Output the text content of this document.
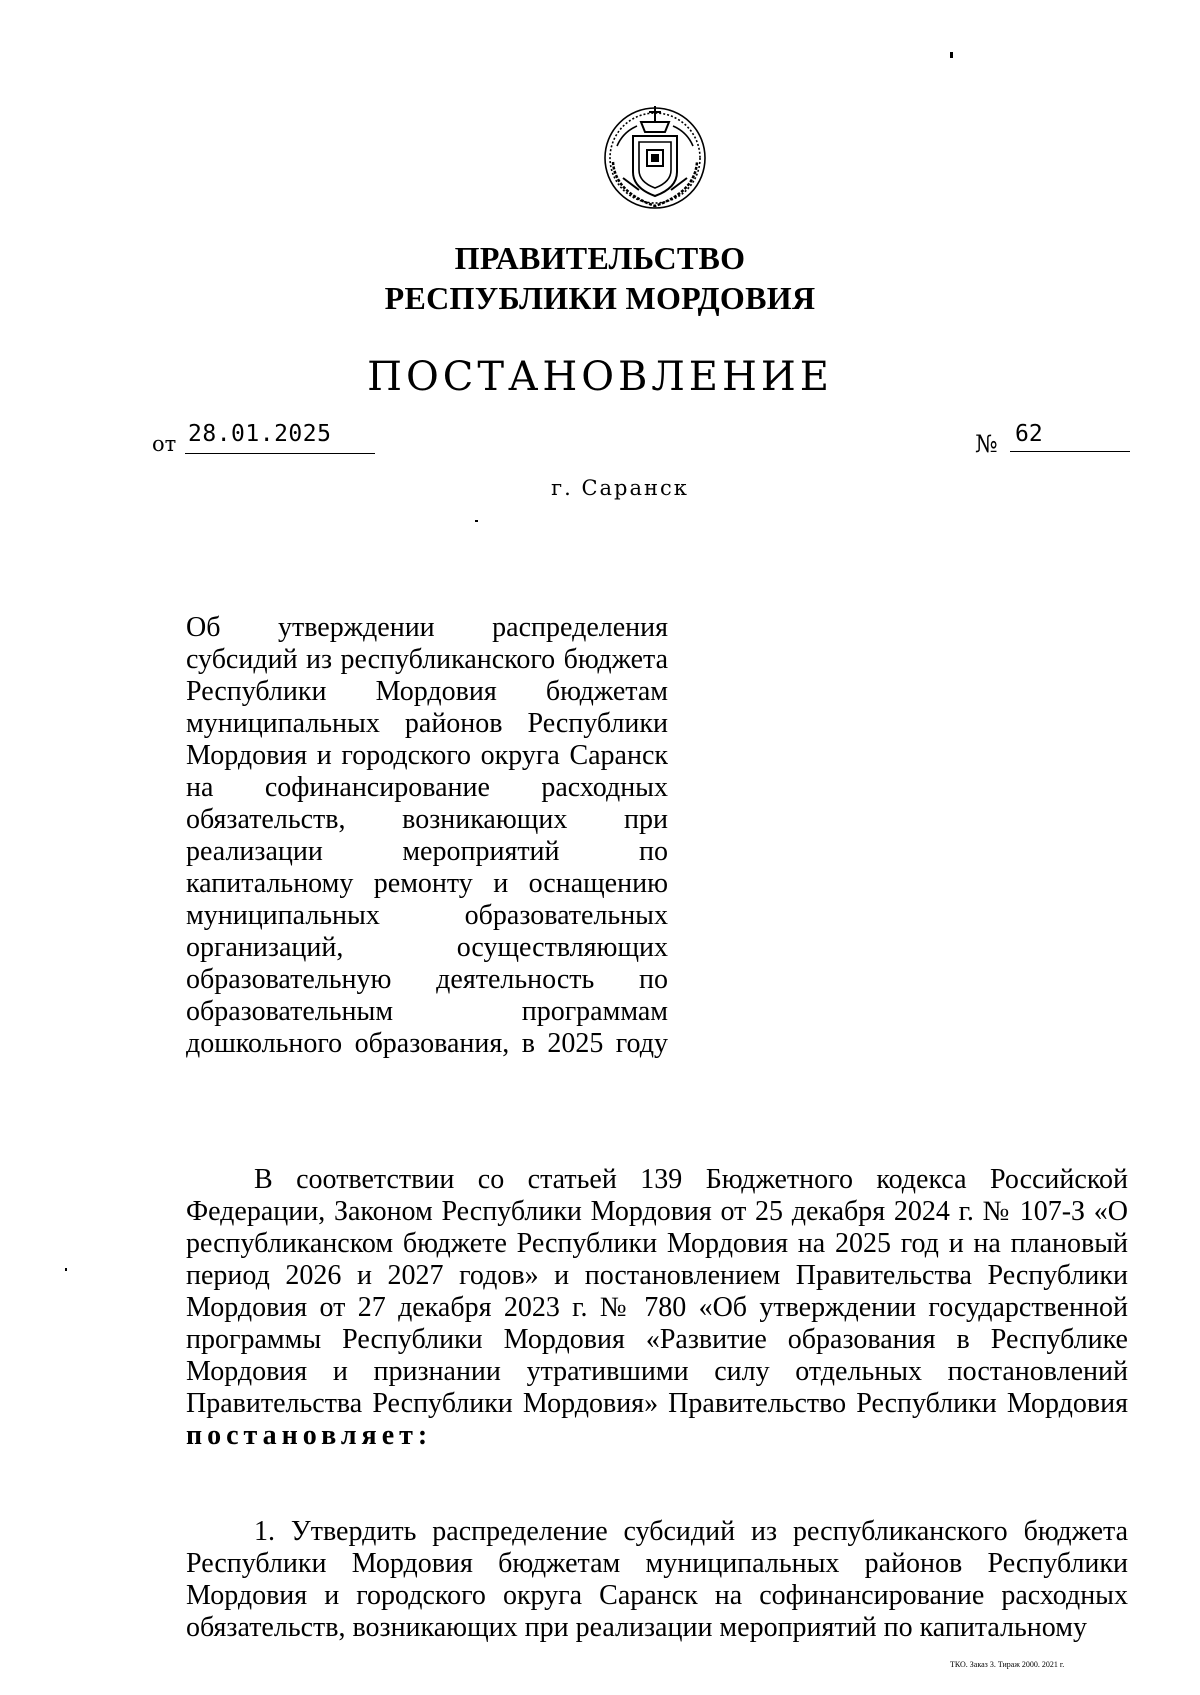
ПРАВИТЕЛЬСТВО
РЕСПУБЛИКИ МОРДОВИЯ
ПОСТАНОВЛЕНИЕ
от 28.01.2025	№ 62
г. Саранск
Об утверждении распределения субсидий из республиканского бюджета Республики Мордовия бюджетам муниципальных районов Республики Мордовия и городского округа Саранск на софинансирование расходных обязательств, возникающих при реализации мероприятий по капитальному ремонту и оснащению муниципальных образовательных организаций, осуществляющих образовательную деятельность по образовательным программам дошкольного образования, в 2025 году

В соответствии со статьей 139 Бюджетного кодекса Российской Федерации, Законом Республики Мордовия от 25 декабря 2024 г. № 107-З «О республиканском бюджете Республики Мордовия на 2025 год и на плановый период 2026 и 2027 годов» и постановлением Правительства Республики Мордовия от 27 декабря 2023 г. № 780 «Об утверждении государственной программы Республики Мордовия «Развитие образования в Республике Мордовия и признании утратившими силу отдельных постановлений Правительства Республики Мордовия» Правительство Республики Мордовия постановляет:

1. Утвердить распределение субсидий из республиканского бюджета Республики Мордовия бюджетам муниципальных районов Республики Мордовия и городского округа Саранск на софинансирование расходных обязательств, возникающих при реализации мероприятий по капитальному

ТКО. Заказ 3. Тираж 2000. 2021 г.
